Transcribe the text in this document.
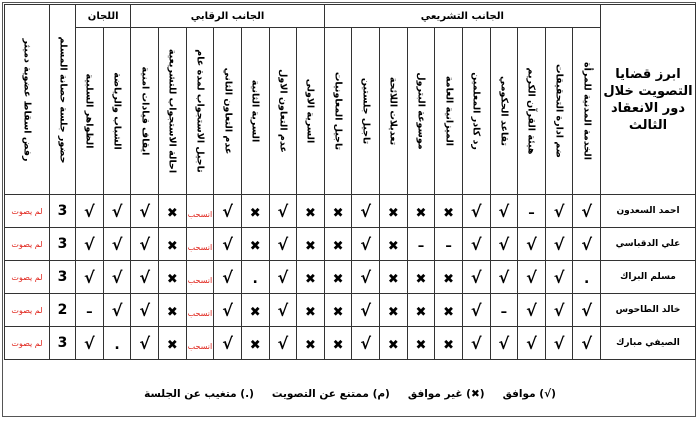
ابرز قضايا التصويت خلال دور الانعقاد الثالث	الجانب التشريعي										الجانب الرقابي							اللجان		حضور جلسة حصانة المسلم	رفض اسقاط عضوية دميثر

	الخدمة المدنية للمرأة	ضم ادارة التحقيقات	هيئة القرآن الكريم	تقاعد الحكومي	رد كادر المعلمين	الميزانية العامة	موسوعة البترول	تعديلات اللائحة	تاجيل جلستين	تاجيل المعاونيات	السرية الاولى	عدم التعاون الاول	السرية الثانية	عدم التعاون الثاني	تاجيل الاستجواب لمدة عام	احالة الاستجواب للتشريعية	ايقاف قيادات امنية	الشباب والرياضة	الظواهر السلبية		

احمد السعدون	√	√	–	√	√	✖	✖	✖	√	✖	✖	√	✖	√	انسحب	✖	√	√	√	3	لم يصوت
علي الدقباسي	√	√	√	√	√	–	–	✖	√	✖	✖	√	✖	√	انسحب	✖	√	√	√	3	لم يصوت
مسلم البراك	.	√	√	√	√	✖	✖	✖	√	✖	✖	√	.	√	انسحب	✖	√	√	√	3	لم يصوت
خالد الطاحوس	√	√	√	–	√	✖	✖	✖	√	✖	✖	√	✖	√	انسحب	✖	√	√	–	2	لم يصوت
الصيفي مبارك	√	√	√	√	√	✖	✖	✖	√	✖	✖	√	✖	√	انسحب	✖	√	.	√	3	لم يصوت
(√) موافق
(✖) غير موافق
(م) ممتنع عن التصويت
(.) متغيب عن الجلسة
